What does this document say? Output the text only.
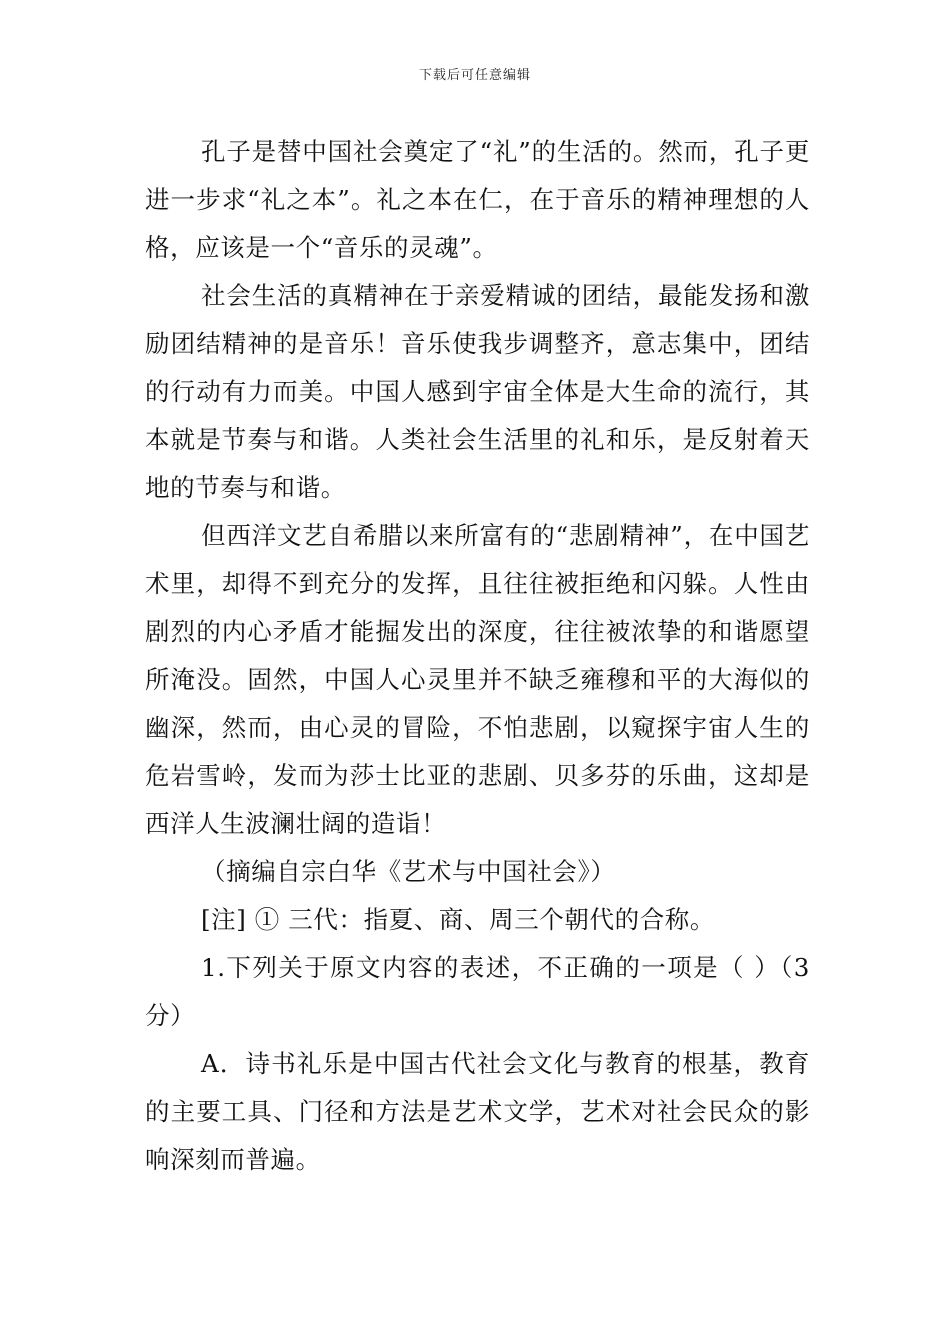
下载后可任意编辑

孔子是替中国社会奠定了“礼”的生活的。然而，孔子更进一步求“礼之本”。礼之本在仁，在于音乐的精神理想的人格，应该是一个“音乐的灵魂”。

社会生活的真精神在于亲爱精诚的团结，最能发扬和激励团结精神的是音乐！音乐使我步调整齐，意志集中，团结的行动有力而美。中国人感到宇宙全体是大生命的流行，其本就是节奏与和谐。人类社会生活里的礼和乐，是反射着天地的节奏与和谐。

但西洋文艺自希腊以来所富有的“悲剧精神”，在中国艺术里，却得不到充分的发挥，且往往被拒绝和闪躲。人性由剧烈的内心矛盾才能掘发出的深度，往往被浓挚的和谐愿望所淹没。固然，中国人心灵里并不缺乏雍穆和平的大海似的幽深，然而，由心灵的冒险，不怕悲剧，以窥探宇宙人生的危岩雪岭，发而为莎士比亚的悲剧、贝多芬的乐曲，这却是西洋人生波澜壮阔的造诣！

（摘编自宗白华《艺术与中国社会》）

[注] ① 三代：指夏、商、周三个朝代的合称。

1.下列关于原文内容的表述，不正确的一项是（ ）（3分）

A．诗书礼乐是中国古代社会文化与教育的根基，教育的主要工具、门径和方法是艺术文学，艺术对社会民众的影响深刻而普遍。
